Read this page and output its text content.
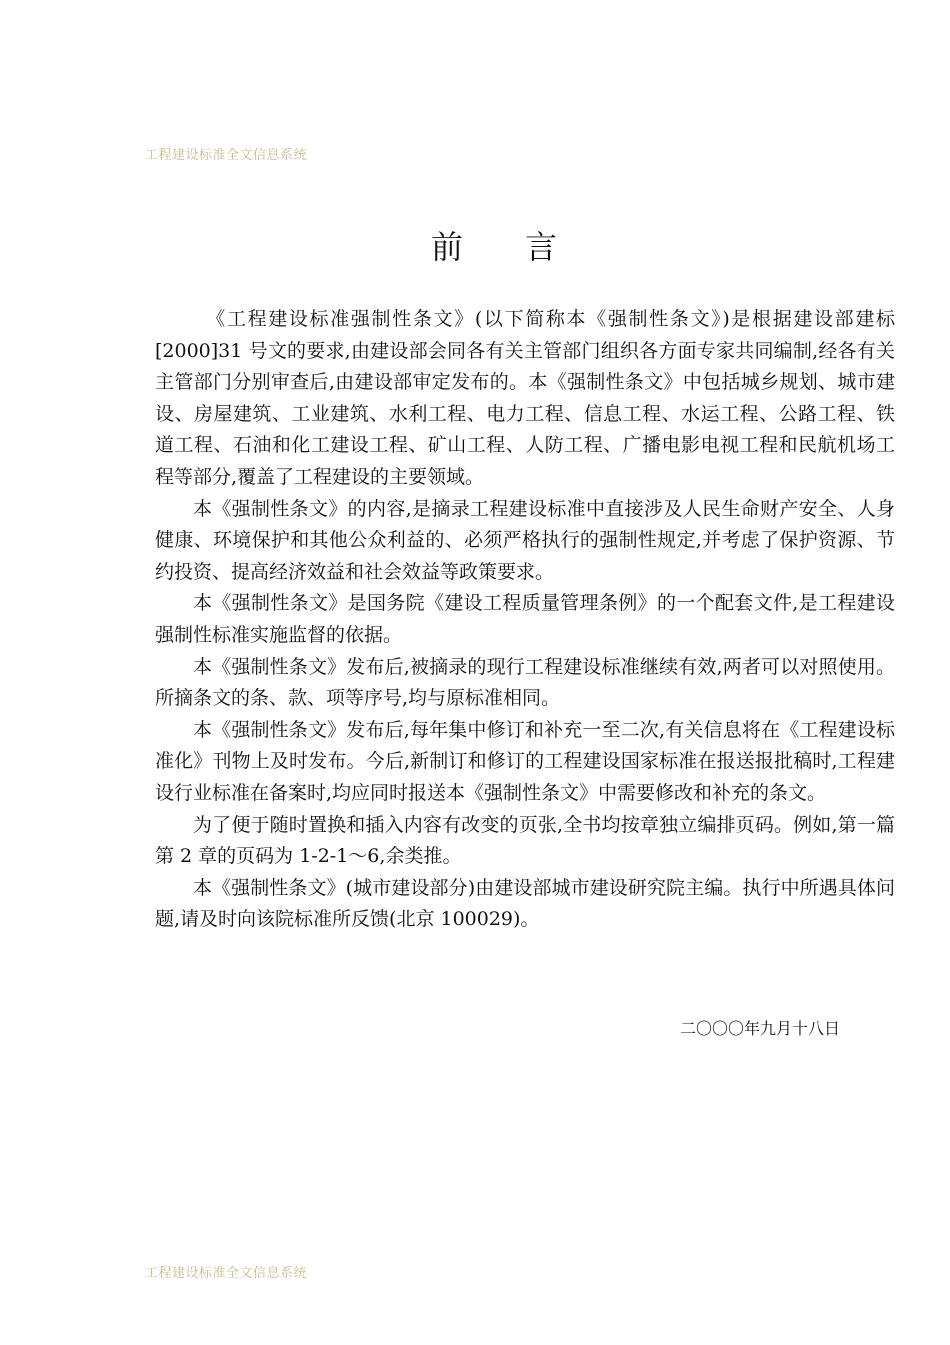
工程建设标准全文信息系统
前言

《工程建设标准强制性条文》(以下简称本《强制性条文》)是根据建设部建标[2000]31 号文的要求,由建设部会同各有关主管部门组织各方面专家共同编制,经各有关主管部门分别审查后,由建设部审定发布的。本《强制性条文》中包括城乡规划、城市建设、房屋建筑、工业建筑、水利工程、电力工程、信息工程、水运工程、公路工程、铁道工程、石油和化工建设工程、矿山工程、人防工程、广播电影电视工程和民航机场工程等部分,覆盖了工程建设的主要领域。

本《强制性条文》的内容,是摘录工程建设标准中直接涉及人民生命财产安全、人身健康、环境保护和其他公众利益的、必须严格执行的强制性规定,并考虑了保护资源、节约投资、提高经济效益和社会效益等政策要求。

本《强制性条文》是国务院《建设工程质量管理条例》的一个配套文件,是工程建设强制性标准实施监督的依据。

本《强制性条文》发布后,被摘录的现行工程建设标准继续有效,两者可以对照使用。所摘条文的条、款、项等序号,均与原标准相同。

本《强制性条文》发布后,每年集中修订和补充一至二次,有关信息将在《工程建设标准化》刊物上及时发布。今后,新制订和修订的工程建设国家标准在报送报批稿时,工程建设行业标准在备案时,均应同时报送本《强制性条文》中需要修改和补充的条文。

为了便于随时置换和插入内容有改变的页张,全书均按章独立编排页码。例如,第一篇第 2 章的页码为 1-2-1～6,余类推。

本《强制性条文》(城市建设部分)由建设部城市建设研究院主编。执行中所遇具体问题,请及时向该院标准所反馈(北京 100029)。

二〇〇〇年九月十八日
工程建设标准全文信息系统
